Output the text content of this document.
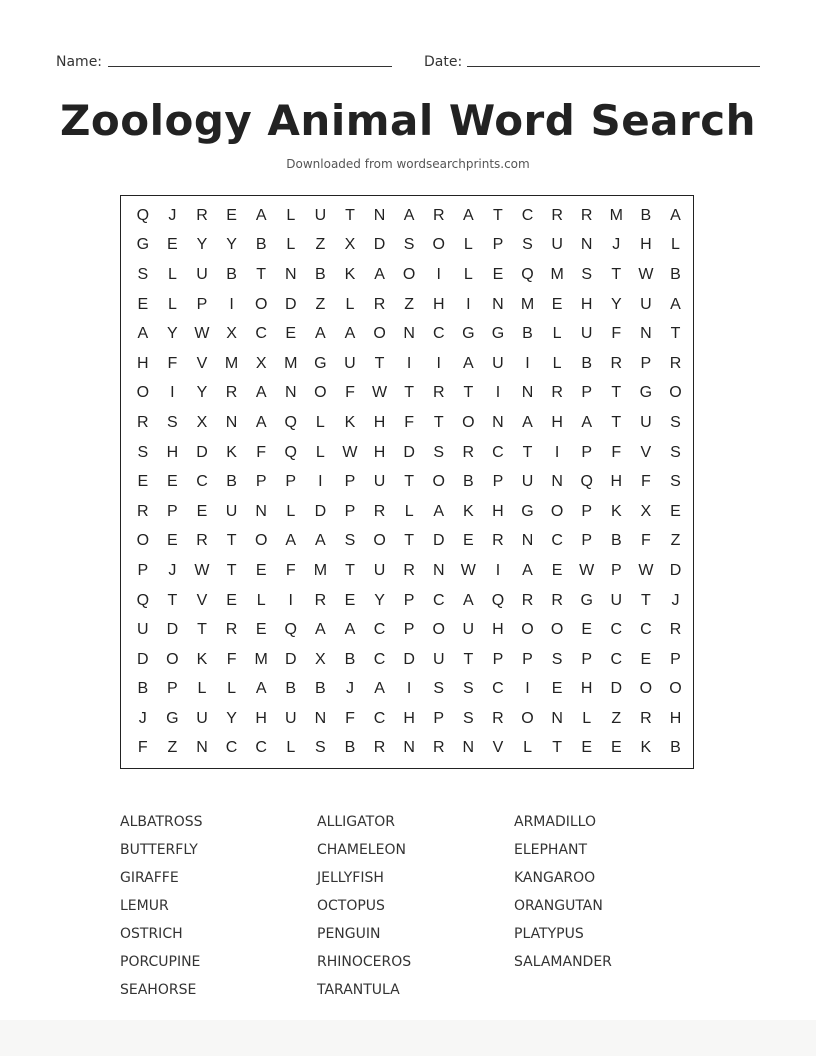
Name:	Date:
Zoology Animal Word Search
Downloaded from wordsearchprints.com
Q	J	R	E	A	L	U	T	N	A	R	A	T	C	R	R	M	B	A
G	E	Y	Y	B	L	Z	X	D	S	O	L	P	S	U	N	J	H	L
S	L	U	B	T	N	B	K	A	O	I	L	E	Q	M	S	T	W	B
E	L	P	I	O	D	Z	L	R	Z	H	I	N	M	E	H	Y	U	A
A	Y	W	X	C	E	A	A	O	N	C	G	G	B	L	U	F	N	T
H	F	V	M	X	M	G	U	T	I	I	A	U	I	L	B	R	P	R
O	I	Y	R	A	N	O	F	W	T	R	T	I	N	R	P	T	G	O
R	S	X	N	A	Q	L	K	H	F	T	O	N	A	H	A	T	U	S
S	H	D	K	F	Q	L	W	H	D	S	R	C	T	I	P	F	V	S
E	E	C	B	P	P	I	P	U	T	O	B	P	U	N	Q	H	F	S
R	P	E	U	N	L	D	P	R	L	A	K	H	G	O	P	K	X	E
O	E	R	T	O	A	A	S	O	T	D	E	R	N	C	P	B	F	Z
P	J	W	T	E	F	M	T	U	R	N	W	I	A	E	W	P	W	D
Q	T	V	E	L	I	R	E	Y	P	C	A	Q	R	R	G	U	T	J
U	D	T	R	E	Q	A	A	C	P	O	U	H	O	O	E	C	C	R
D	O	K	F	M	D	X	B	C	D	U	T	P	P	S	P	C	E	P
B	P	L	L	A	B	B	J	A	I	S	S	C	I	E	H	D	O	O
J	G	U	Y	H	U	N	F	C	H	P	S	R	O	N	L	Z	R	H
F	Z	N	C	C	L	S	B	R	N	R	N	V	L	T	E	E	K	B
ALBATROSS	ALLIGATOR	ARMADILLO
BUTTERFLY	CHAMELEON	ELEPHANT
GIRAFFE	JELLYFISH	KANGAROO
LEMUR	OCTOPUS	ORANGUTAN
OSTRICH	PENGUIN	PLATYPUS
PORCUPINE	RHINOCEROS	SALAMANDER
SEAHORSE	TARANTULA
